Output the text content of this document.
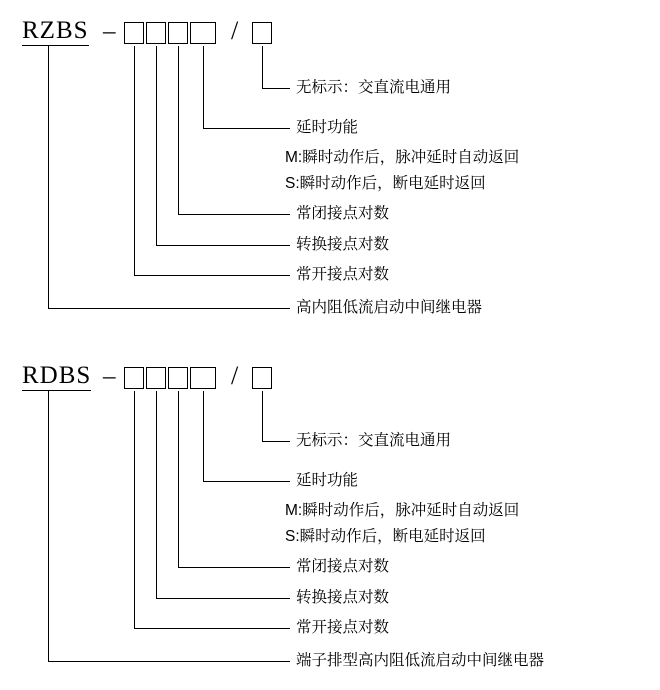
RZBS –	/
无标示：交直流电通用
延时功能
M:瞬时动作后，脉冲延时自动返回
S:瞬时动作后，断电延时返回
常闭接点对数
转换接点对数
常开接点对数
高内阻低流启动中间继电器
RDBS –	/
无标示：交直流电通用
延时功能
M:瞬时动作后，脉冲延时自动返回
S:瞬时动作后，断电延时返回
常闭接点对数
转换接点对数
常开接点对数
端子排型高内阻低流启动中间继电器
